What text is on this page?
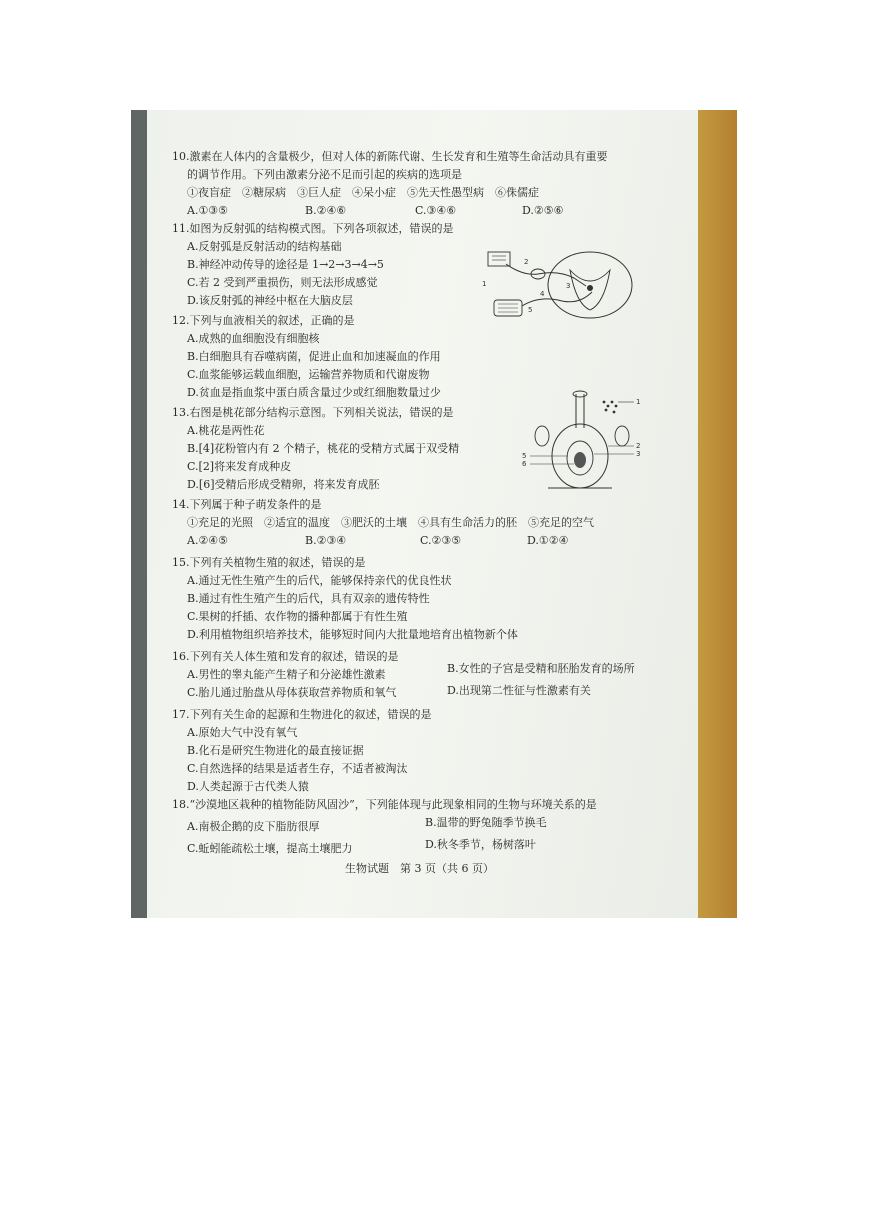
10.激素在人体内的含量极少，但对人体的新陈代谢、生长发育和生殖等生命活动具有重要
的调节作用。下列由激素分泌不足而引起的疾病的选项是
①夜盲症　②糖尿病　③巨人症　④呆小症　⑤先天性愚型病　⑥侏儒症
A.①③⑤	B.②④⑥	C.③④⑥	D.②⑤⑥
11.如图为反射弧的结构模式图。下列各项叙述，错误的是
A.反射弧是反射活动的结构基础
B.神经冲动传导的途径是 1→2→3→4→5
C.若 2 受到严重损伤，则无法形成感觉
D.该反射弧的神经中枢在大脑皮层
1
2
3
4
5
12.下列与血液相关的叙述，正确的是
A.成熟的血细胞没有细胞核
B.白细胞具有吞噬病菌，促进止血和加速凝血的作用
C.血浆能够运载血细胞，运输营养物质和代谢废物
D.贫血是指血浆中蛋白质含量过少或红细胞数量过少
13.右图是桃花部分结构示意图。下列相关说法，错误的是
A.桃花是两性花
B.[4]花粉管内有 2 个精子，桃花的受精方式属于双受精
C.[2]将来发育成种皮
D.[6]受精后形成受精卵，将来发育成胚
1
2
3
5
6
14.下列属于种子萌发条件的是
①充足的光照　②适宜的温度　③肥沃的土壤　④具有生命活力的胚　⑤充足的空气
A.②④⑤	B.②③④	C.②③⑤	D.①②④
15.下列有关植物生殖的叙述，错误的是
A.通过无性生殖产生的后代，能够保持亲代的优良性状
B.通过有性生殖产生的后代，具有双亲的遗传特性
C.果树的扦插、农作物的播种都属于有性生殖
D.利用植物组织培养技术，能够短时间内大批量地培育出植物新个体
16.下列有关人体生殖和发育的叙述，错误的是
A.男性的睾丸能产生精子和分泌雄性激素	B.女性的子宫是受精和胚胎发育的场所
C.胎儿通过胎盘从母体获取营养物质和氧气	D.出现第二性征与性激素有关
17.下列有关生命的起源和生物进化的叙述，错误的是
A.原始大气中没有氧气
B.化石是研究生物进化的最直接证据
C.自然选择的结果是适者生存，不适者被淘汰
D.人类起源于古代类人猿
18.“沙漠地区栽种的植物能防风固沙”，下列能体现与此现象相同的生物与环境关系的是
A.南极企鹅的皮下脂肪很厚	B.温带的野兔随季节换毛
C.蚯蚓能疏松土壤，提高土壤肥力	D.秋冬季节，杨树落叶
生物试题　第 3 页（共 6 页）
